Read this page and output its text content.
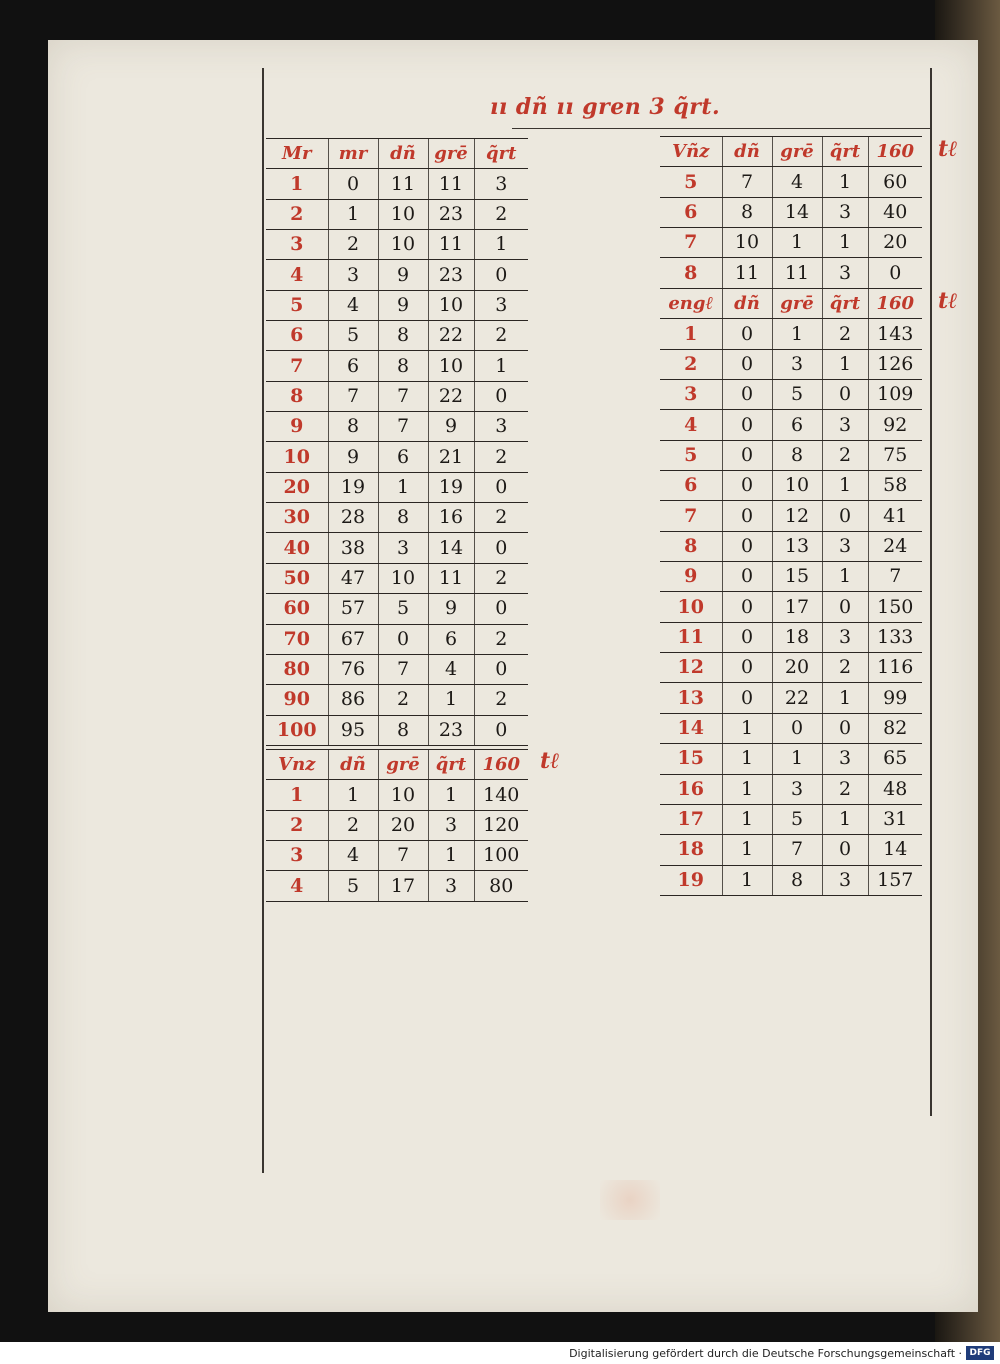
ıı dñ ıı gren 3 q̃rt.
Mr	mr	dñ	grē	q̃rt
1	0	11	11	3
2	1	10	23	2
3	2	10	11	1
4	3	9	23	0
5	4	9	10	3
6	5	8	22	2
7	6	8	10	1
8	7	7	22	0
9	8	7	9	3
10	9	6	21	2
20	19	1	19	0
30	28	8	16	2
40	38	3	14	0
50	47	10	11	2
60	57	5	9	0
70	67	0	6	2
80	76	7	4	0
90	86	2	1	2
100	95	8	23	0
Vnz	dñ	grē	q̃rt	160
1	1	10	1	140
2	2	20	3	120
3	4	7	1	100
4	5	17	3	80
Vñz	dñ	grē	q̃rt	160
5	7	4	1	60
6	8	14	3	40
7	10	1	1	20
8	11	11	3	0
engℓ	dñ	grē	q̃rt	160
1	0	1	2	143
2	0	3	1	126
3	0	5	0	109
4	0	6	3	92
5	0	8	2	75
6	0	10	1	58
7	0	12	0	41
8	0	13	3	24
9	0	15	1	7
10	0	17	0	150
11	0	18	3	133
12	0	20	2	116
13	0	22	1	99
14	1	0	0	82
15	1	1	3	65
16	1	3	2	48
17	1	5	1	31
18	1	7	0	14
19	1	8	3	157
tℓ
tℓ
tℓ
Digitalisierung gefördert durch die Deutsche Forschungsgemeinschaft · DFG
